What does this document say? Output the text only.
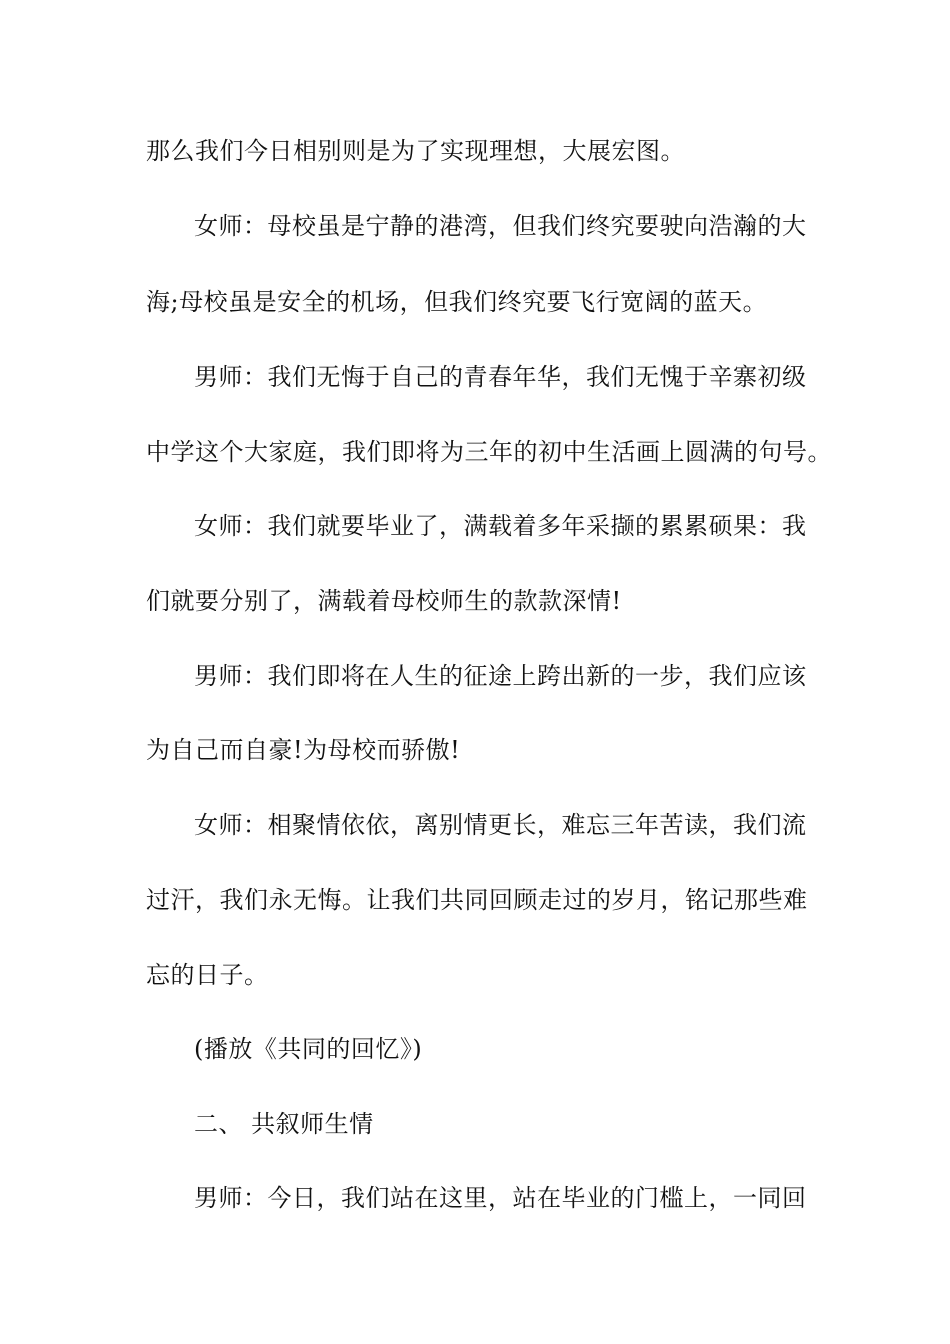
那么我们今日相别则是为了实现理想，大展宏图。
女师：母校虽是宁静的港湾，但我们终究要驶向浩瀚的大
海;母校虽是安全的机场，但我们终究要飞行宽阔的蓝天。
男师：我们无悔于自己的青春年华，我们无愧于辛寨初级
中学这个大家庭，我们即将为三年的初中生活画上圆满的句号。
女师：我们就要毕业了，满载着多年采撷的累累硕果：我
们就要分别了，满载着母校师生的款款深情!
男师：我们即将在人生的征途上跨出新的一步，我们应该
为自己而自豪!为母校而骄傲!
女师：相聚情依依，离别情更长，难忘三年苦读，我们流
过汗，我们永无悔。让我们共同回顾走过的岁月，铭记那些难
忘的日子。
(播放《共同的回忆》)
二、 共叙师生情
男师：今日，我们站在这里，站在毕业的门槛上，一同回
